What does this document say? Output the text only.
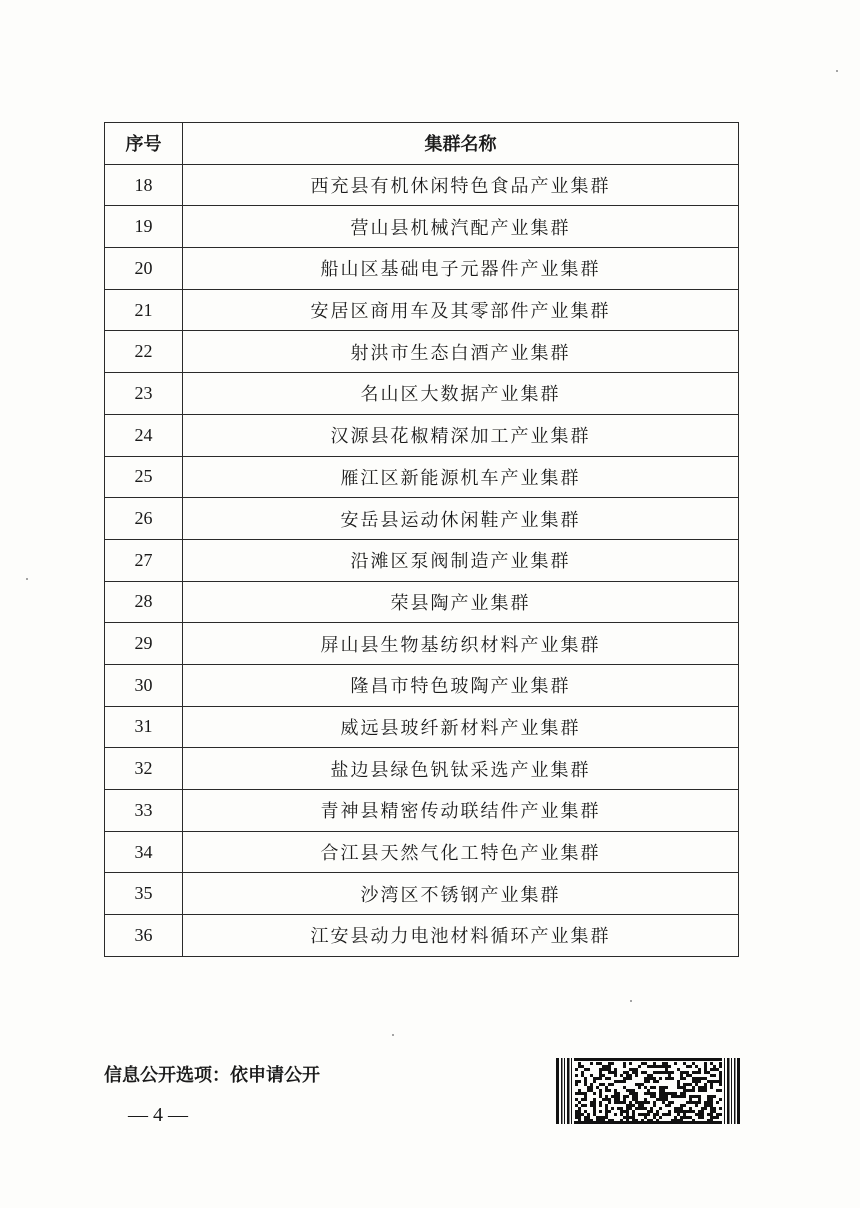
序号	集群名称
18	西充县有机休闲特色食品产业集群
19	营山县机械汽配产业集群
20	船山区基础电子元器件产业集群
21	安居区商用车及其零部件产业集群
22	射洪市生态白酒产业集群
23	名山区大数据产业集群
24	汉源县花椒精深加工产业集群
25	雁江区新能源机车产业集群
26	安岳县运动休闲鞋产业集群
27	沿滩区泵阀制造产业集群
28	荣县陶产业集群
29	屏山县生物基纺织材料产业集群
30	隆昌市特色玻陶产业集群
31	威远县玻纤新材料产业集群
32	盐边县绿色钒钛采选产业集群
33	青神县精密传动联结件产业集群
34	合江县天然气化工特色产业集群
35	沙湾区不锈钢产业集群
36	江安县动力电池材料循环产业集群
信息公开选项：依申请公开
— 4 —
